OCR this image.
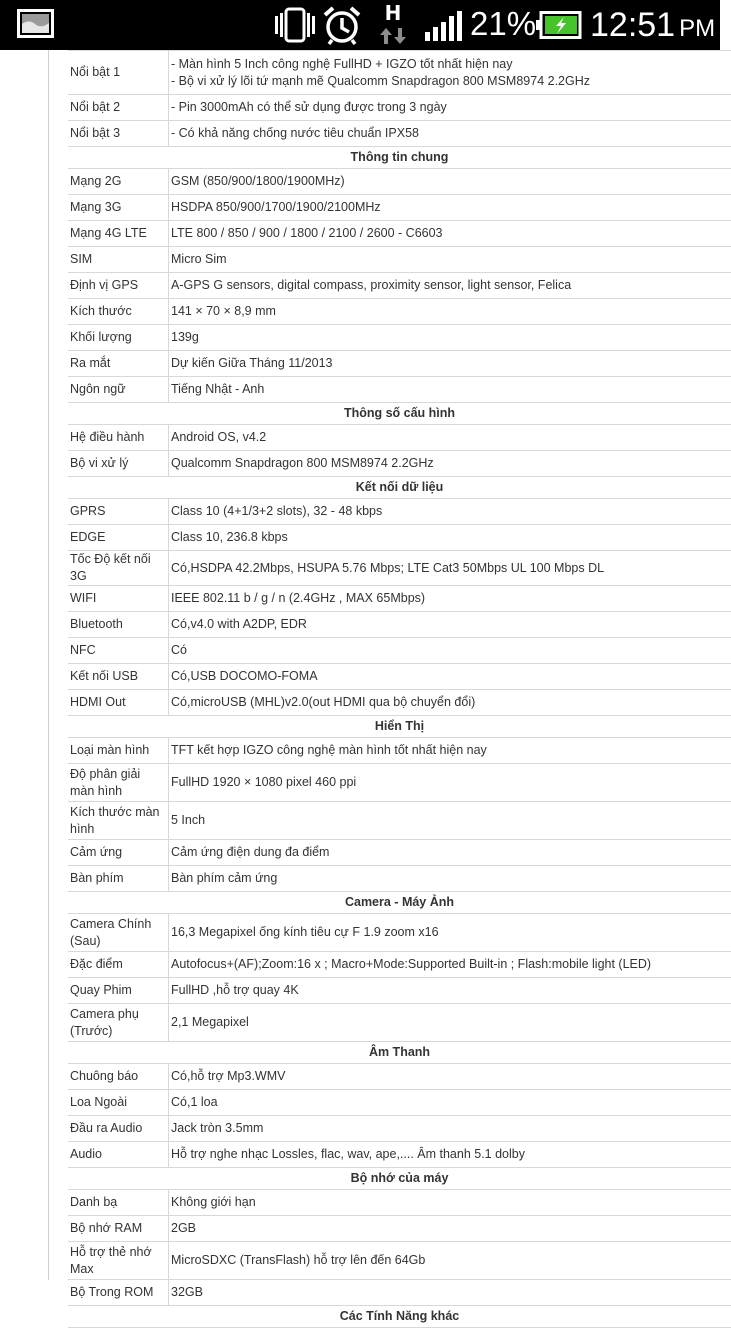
H 21% 12:51 PM
Nổi bật 1	- Màn hình 5 Inch công nghệ FullHD + IGZO tốt nhất hiện nay
- Bộ vi xử lý lõi tứ mạnh mẽ Qualcomm Snapdragon 800 MSM8974 2.2GHz

Nổi bật 2	- Pin 3000mAh có thể sử dụng được trong 3 ngày
Nổi bật 3	- Có khả năng chống nước tiêu chuẩn IPX58
Thông tin chung	
Mạng 2G	GSM (850/900/1800/1900MHz)
Mạng 3G	HSDPA 850/900/1700/1900/2100MHz
Mạng 4G LTE	LTE 800 / 850 / 900 / 1800 / 2100 / 2600 - C6603
SIM	Micro Sim
Định vị GPS	A-GPS G sensors, digital compass, proximity sensor, light sensor, Felica
Kích thước	141 × 70 × 8,9 mm
Khối lượng	139g
Ra mắt	Dự kiến Giữa Tháng 11/2013
Ngôn ngữ	Tiếng Nhật - Anh
Thông số cấu hình	
Hệ điều hành	Android OS, v4.2
Bộ vi xử lý	Qualcomm Snapdragon 800 MSM8974 2.2GHz
Kết nối dữ liệu	
GPRS	Class 10 (4+1/3+2 slots), 32 - 48 kbps
EDGE	Class 10, 236.8 kbps
Tốc Độ kết nối 3G	Có,HSDPA 42.2Mbps, HSUPA 5.76 Mbps; LTE Cat3 50Mbps UL 100 Mbps DL
WIFI	IEEE 802.11 b / g / n (2.4GHz , MAX 65Mbps)
Bluetooth	Có,v4.0 with A2DP, EDR
NFC	Có
Kết nối USB	Có,USB DOCOMO-FOMA
HDMI Out	Có,microUSB (MHL)v2.0(out HDMI qua bộ chuyển đổi)
Hiển Thị	
Loại màn hình	TFT kết hợp IGZO công nghệ màn hình tốt nhất hiện nay
Độ phân giải màn hình	FullHD 1920 × 1080 pixel 460 ppi
Kích thước màn hình	5 Inch
Cảm ứng	Cảm ứng điện dung đa điểm
Bàn phím	Bàn phím cảm ứng
Camera - Máy Ảnh	
Camera Chính (Sau)	16,3 Megapixel ống kính tiêu cự F 1.9 zoom x16
Đặc điểm	Autofocus+(AF);Zoom:16 x ; Macro+Mode:Supported Built-in ; Flash:mobile light (LED)
Quay Phim	FullHD ,hỗ trợ quay 4K
Camera phụ (Trước)	2,1 Megapixel
Âm Thanh	
Chuông báo	Có,hỗ trợ Mp3.WMV
Loa Ngoài	Có,1 loa
Đầu ra Audio	Jack tròn 3.5mm
Audio	Hỗ trợ nghe nhạc Lossles, flac, wav, ape,.... Âm thanh 5.1 dolby
Bộ nhớ của máy	
Danh bạ	Không giới hạn
Bộ nhớ RAM	2GB
Hỗ trợ thẻ nhớ Max	MicroSDXC (TransFlash) hỗ trợ lên đến 64Gb
Bộ Trong ROM	32GB
Các Tính Năng khác	
